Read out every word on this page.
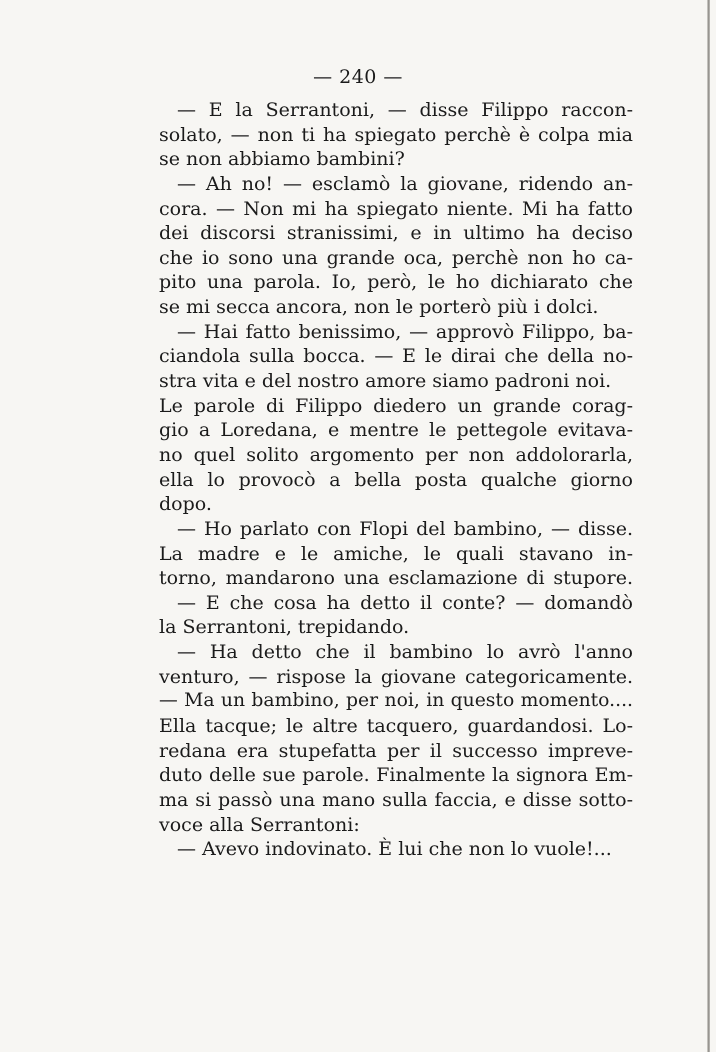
— 240 —
— E la Serrantoni, — disse Filippo raccon-
solato, — non ti ha spiegato perchè è colpa mia
se non abbiamo bambini?
— Ah no! — esclamò la giovane, ridendo an-
cora. — Non mi ha spiegato niente. Mi ha fatto
dei discorsi stranissimi, e in ultimo ha deciso
che io sono una grande oca, perchè non ho ca-
pito una parola. Io, però, le ho dichiarato che
se mi secca ancora, non le porterò più i dolci.
— Hai fatto benissimo, — approvò Filippo, ba-
ciandola sulla bocca. — E le dirai che della no-
stra vita e del nostro amore siamo padroni noi.
Le parole di Filippo diedero un grande corag-
gio a Loredana, e mentre le pettegole evitava-
no quel solito argomento per non addolorarla,
ella lo provocò a bella posta qualche giorno
dopo.
— Ho parlato con Flopi del bambino, — disse.
La madre e le amiche, le quali stavano in-
torno, mandarono una esclamazione di stupore.
— E che cosa ha detto il conte? — domandò
la Serrantoni, trepidando.
— Ha detto che il bambino lo avrò l'anno
venturo, — rispose la giovane categoricamente.
— Ma un bambino, per noi, in questo momento....
Ella tacque; le altre tacquero, guardandosi. Lo-
redana era stupefatta per il successo impreve-
duto delle sue parole. Finalmente la signora Em-
ma si passò una mano sulla faccia, e disse sotto-
voce alla Serrantoni:
— Avevo indovinato. È lui che non lo vuole!...
